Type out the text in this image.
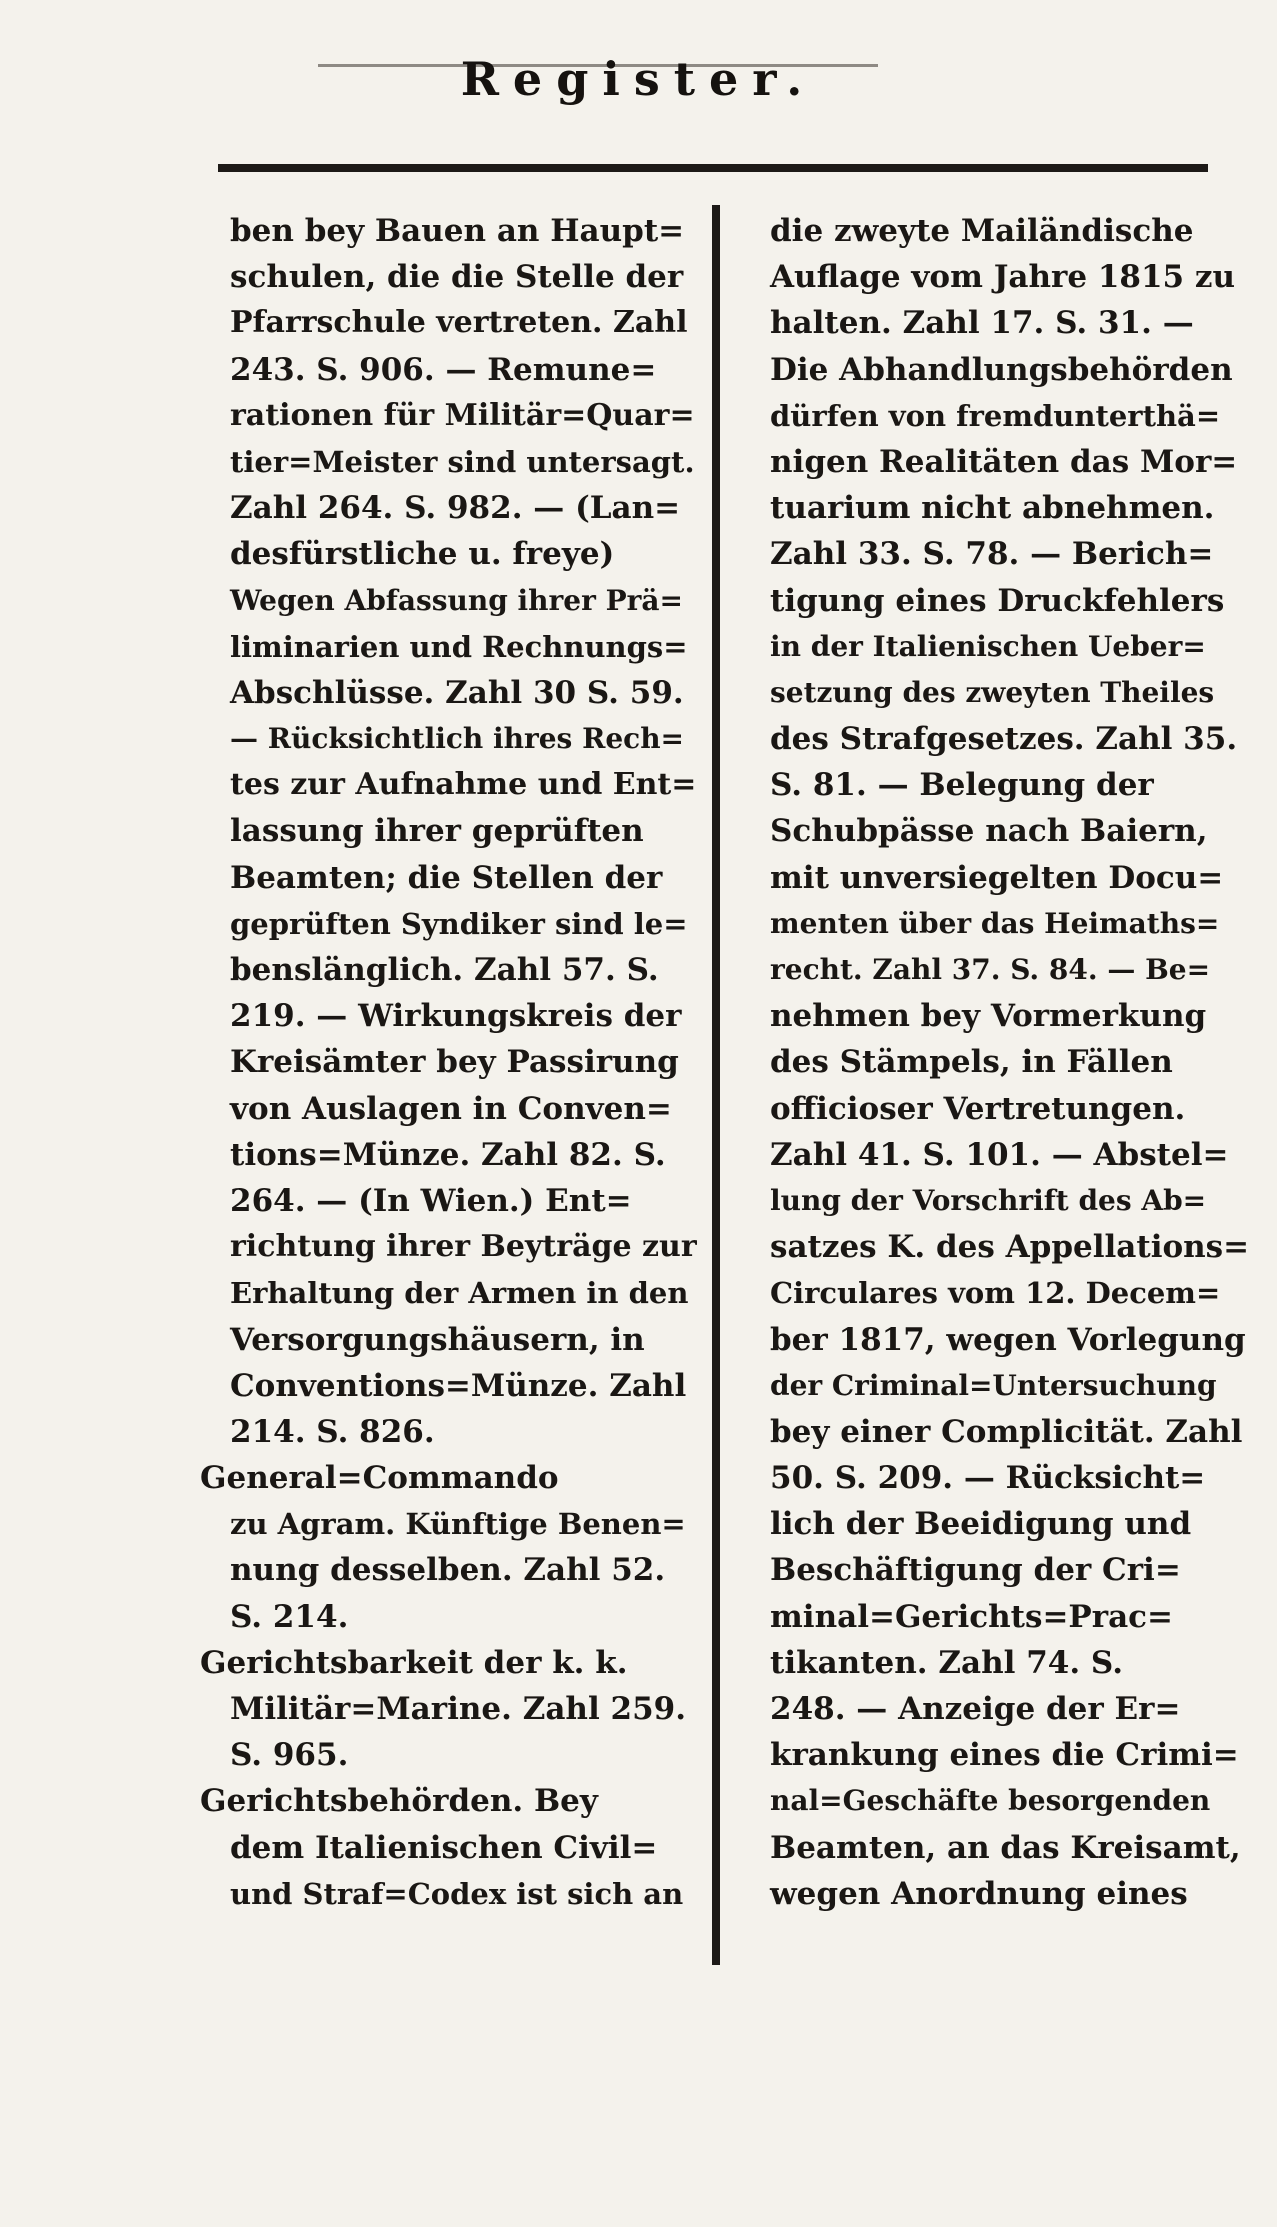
Register.
ben bey Bauen an Haupt=
schulen, die die Stelle der
Pfarrschule vertreten. Zahl
243. S. 906. — Remune=
rationen für Militär=Quar=
tier=Meister sind untersagt.
Zahl 264. S. 982. — (Lan=
desfürstliche u. freye)
Wegen Abfassung ihrer Prä=
liminarien und Rechnungs=
Abschlüsse. Zahl 30 S. 59.
— Rücksichtlich ihres Rech=
tes zur Aufnahme und Ent=
lassung ihrer geprüften
Beamten; die Stellen der
geprüften Syndiker sind le=
benslänglich. Zahl 57. S.
219. — Wirkungskreis der
Kreisämter bey Passirung
von Auslagen in Conven=
tions=Münze. Zahl 82. S.
264. — (In Wien.) Ent=
richtung ihrer Beyträge zur
Erhaltung der Armen in den
Versorgungshäusern, in
Conventions=Münze. Zahl
214. S. 826.
General=Commando
zu Agram. Künftige Benen=
nung desselben. Zahl 52.
S. 214.
Gerichtsbarkeit der k. k.
Militär=Marine. Zahl 259.
S. 965.
Gerichtsbehörden. Bey
dem Italienischen Civil=
und Straf=Codex ist sich an
die zweyte Mailändische
Auflage vom Jahre 1815 zu
halten. Zahl 17. S. 31. —
Die Abhandlungsbehörden
dürfen von fremdunterthä=
nigen Realitäten das Mor=
tuarium nicht abnehmen.
Zahl 33. S. 78. — Berich=
tigung eines Druckfehlers
in der Italienischen Ueber=
setzung des zweyten Theiles
des Strafgesetzes. Zahl 35.
S. 81. — Belegung der
Schubpässe nach Baiern,
mit unversiegelten Docu=
menten über das Heimaths=
recht. Zahl 37. S. 84. — Be=
nehmen bey Vormerkung
des Stämpels, in Fällen
officioser Vertretungen.
Zahl 41. S. 101. — Abstel=
lung der Vorschrift des Ab=
satzes K. des Appellations=
Circulares vom 12. Decem=
ber 1817, wegen Vorlegung
der Criminal=Untersuchung
bey einer Complicität. Zahl
50. S. 209. — Rücksicht=
lich der Beeidigung und
Beschäftigung der Cri=
minal=Gerichts=Prac=
tikanten. Zahl 74. S.
248. — Anzeige der Er=
krankung eines die Crimi=
nal=Geschäfte besorgenden
Beamten, an das Kreisamt,
wegen Anordnung eines
